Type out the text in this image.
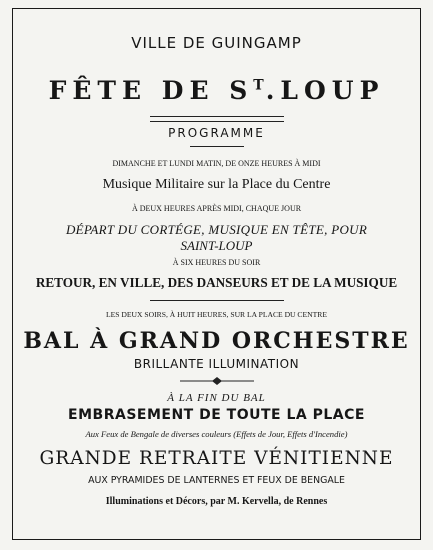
VILLE DE GUINGAMP
FÊTE DE $S^T.LOUP$
PROGRAMME
DIMANCHE ET LUNDI MATIN, DE ONZE HEURES À MIDI
Musique Militaire sur la Place du Centre
À DEUX HEURES APRÈS MIDI, CHAQUE JOUR
DÉPART DU CORTÉGE, MUSIQUE EN TÊTE, POUR
SAINT-LOUP
À SIX HEURES DU SOIR
RETOUR, EN VILLE, DES DANSEURS ET DE LA MUSIQUE
LES DEUX SOIRS, À HUIT HEURES, SUR LA PLACE DU CENTRE
BAL À GRAND ORCHESTRE
BRILLANTE ILLUMINATION
À LA FIN DU BAL
EMBRASEMENT DE TOUTE LA PLACE
Aux Feux de Bengale de diverses couleurs (Effets de Jour, Effets d'Incendie)
GRANDE RETRAITE VÉNITIENNE
AUX PYRAMIDES DE LANTERNES ET FEUX DE BENGALE
Illuminations et Décors, par M. Kervella, de Rennes
